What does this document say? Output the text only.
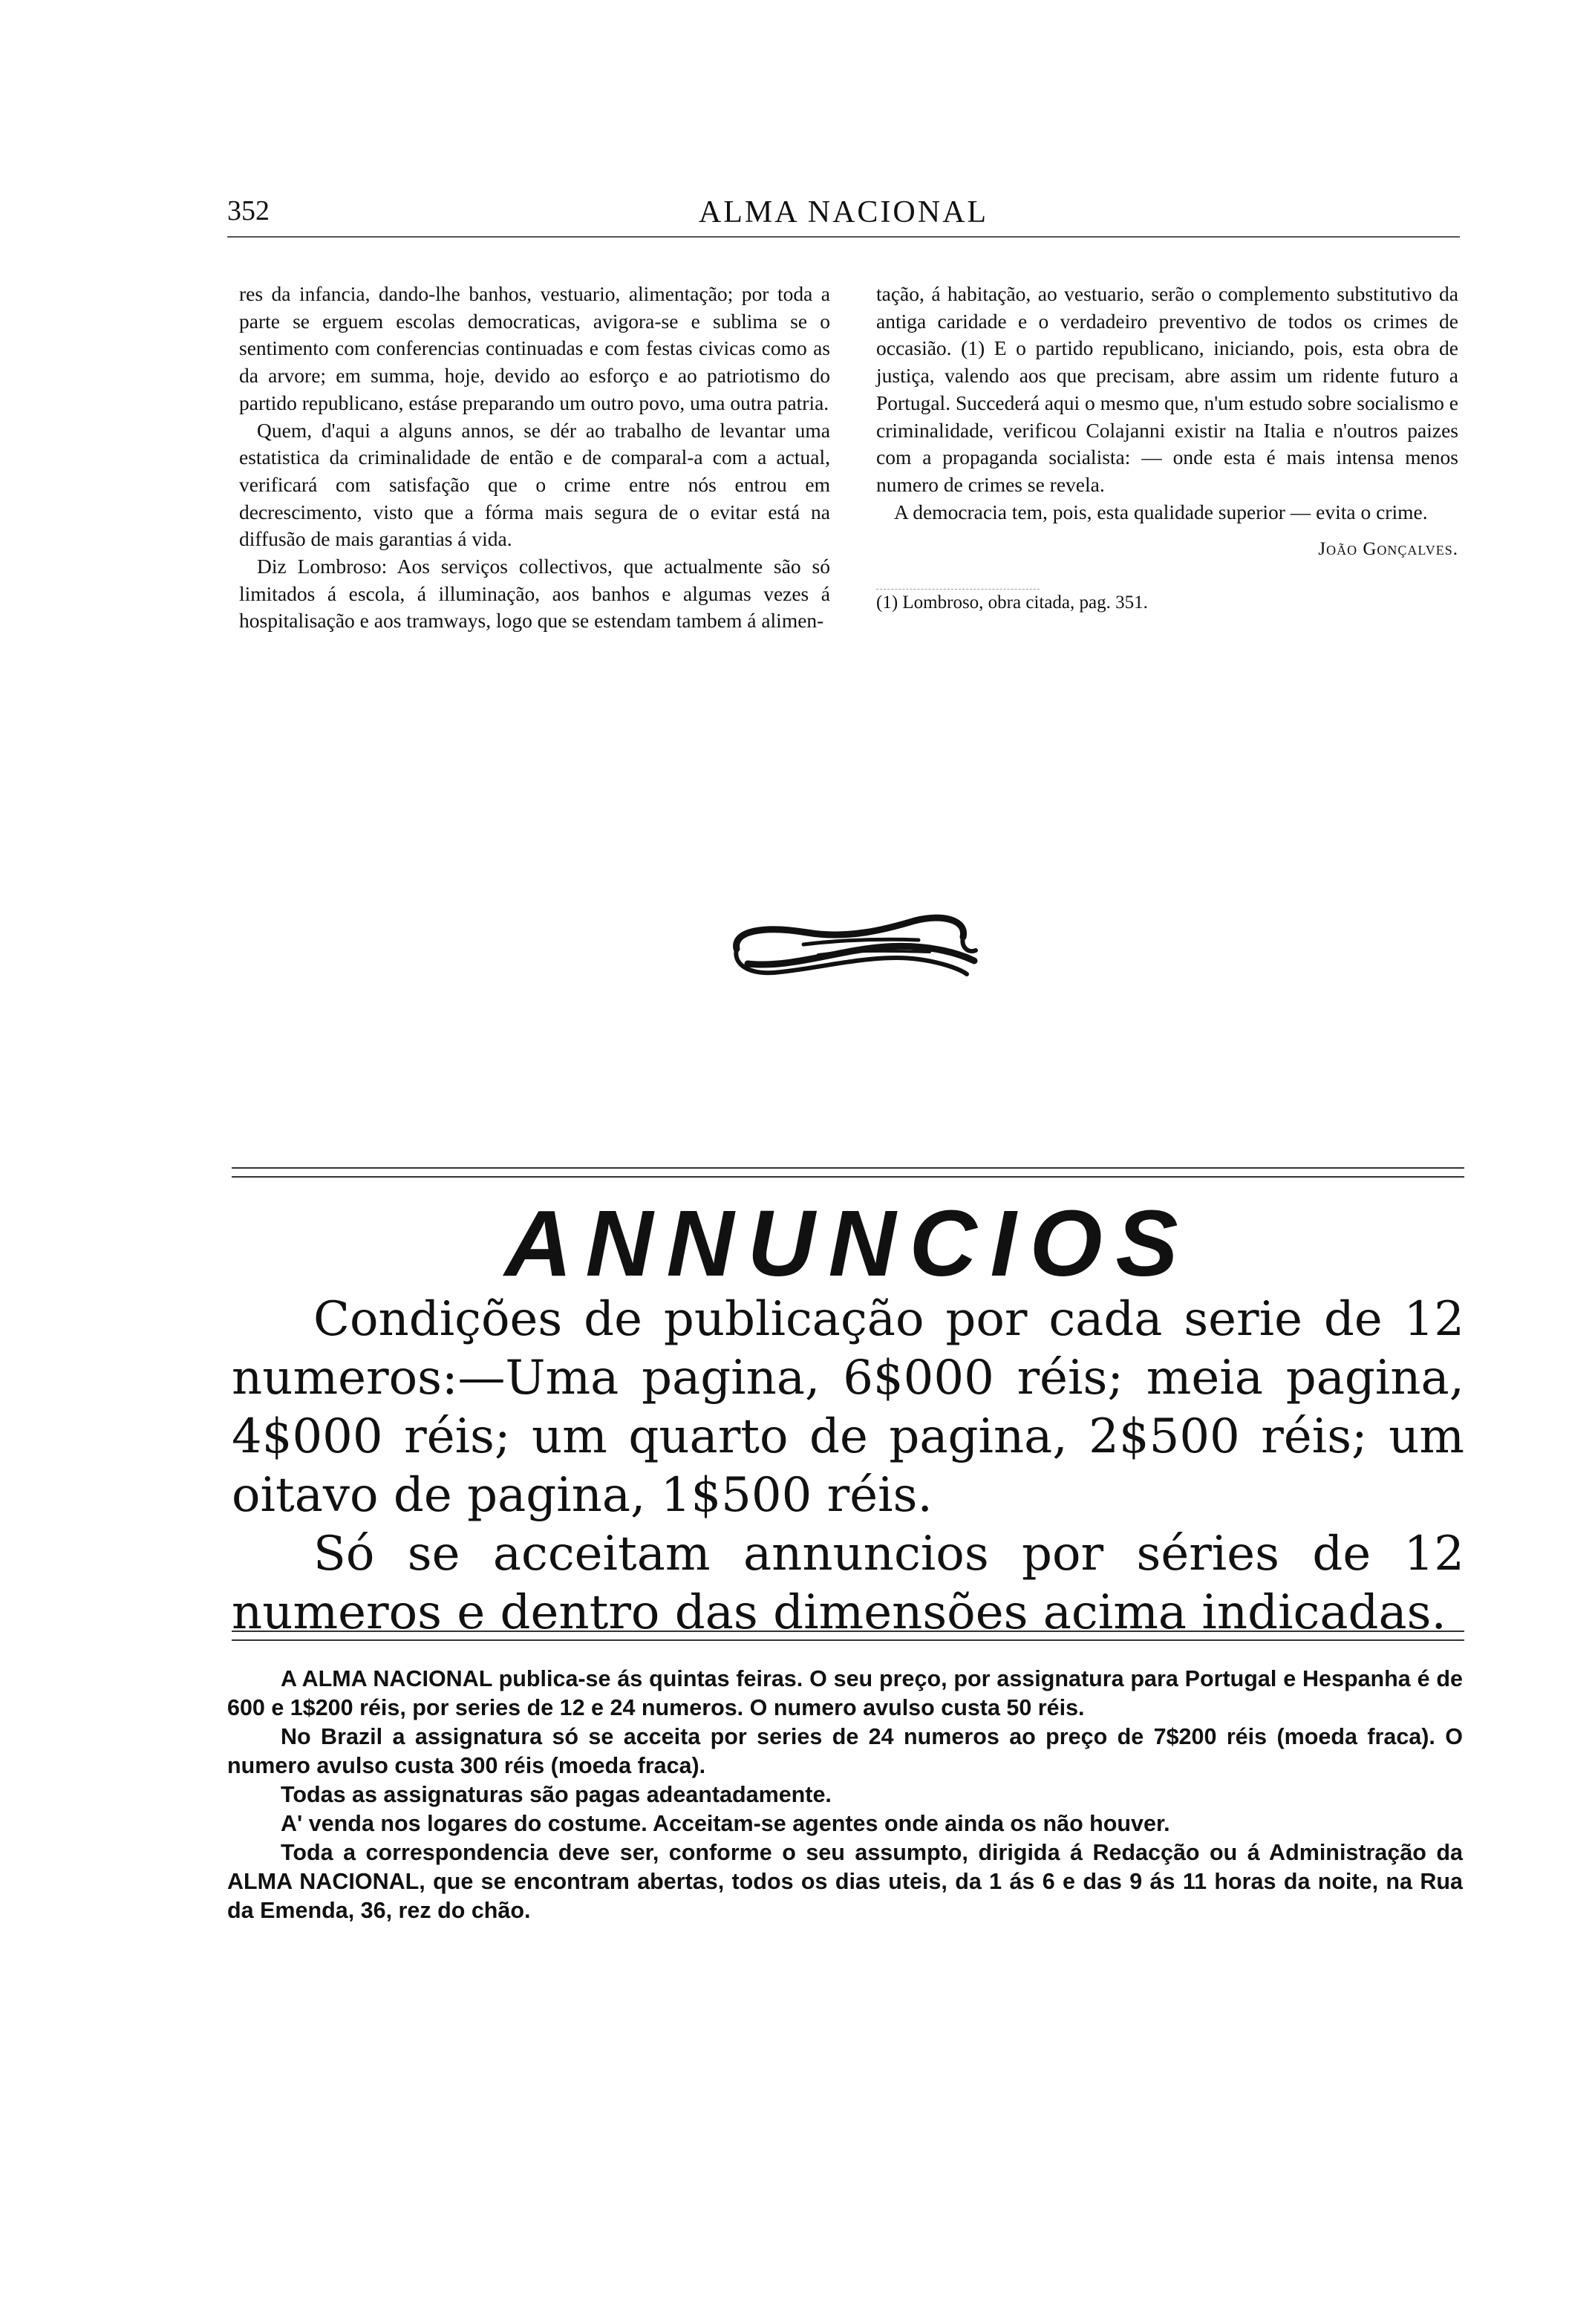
352	ALMA NACIONAL

res da infancia, dando-lhe banhos, vestuario, alimentação; por toda a parte se erguem escolas democraticas, avigora-se e sublima se o sentimento com conferencias continuadas e com festas civicas como as da arvore; em summa, hoje, devido ao esforço e ao patriotismo do partido republicano, estáse preparando um outro povo, uma outra patria.

Quem, d'aqui a alguns annos, se dér ao trabalho de levantar uma estatistica da criminalidade de então e de comparal-a com a actual, verificará com satisfação que o crime entre nós entrou em decrescimento, visto que a fórma mais segura de o evitar está na diffusão de mais garantias á vida.

Diz Lombroso: Aos serviços collectivos, que actualmente são só limitados á escola, á illuminação, aos banhos e algumas vezes á hospitalisação e aos tramways, logo que se estendam tambem á alimen-

tação, á habitação, ao vestuario, serão o complemento substitutivo da antiga caridade e o verdadeiro preventivo de todos os crimes de occasião. (1) E o partido republicano, iniciando, pois, esta obra de justiça, valendo aos que precisam, abre assim um ridente futuro a Portugal. Succederá aqui o mesmo que, n'um estudo sobre socialismo e criminalidade, verificou Colajanni existir na Italia e n'outros paizes com a propaganda socialista: — onde esta é mais intensa menos numero de crimes se revela.

A democracia tem, pois, esta qualidade superior — evita o crime.

João Gonçalves.

(1) Lombroso, obra citada, pag. 351.

ANNUNCIOS

Condições de publicação por cada serie de 12 numeros:—Uma pagina, 6$000 réis; meia pagina, 4$000 réis; um quarto de pagina, 2$500 réis; um oitavo de pagina, 1$500 réis.

Só se acceitam annuncios por séries de 12 numeros e dentro das dimensões acima indicadas.

A ALMA NACIONAL publica-se ás quintas feiras. O seu preço, por assignatura para Portugal e Hespanha é de 600 e 1$200 réis, por series de 12 e 24 numeros. O numero avulso custa 50 réis.

No Brazil a assignatura só se acceita por series de 24 numeros ao preço de 7$200 réis (moeda fraca). O numero avulso custa 300 réis (moeda fraca).

Todas as assignaturas são pagas adeantadamente.

A' venda nos logares do costume. Acceitam-se agentes onde ainda os não houver.

Toda a correspondencia deve ser, conforme o seu assumpto, dirigida á Redacção ou á Administração da ALMA NACIONAL, que se encontram abertas, todos os dias uteis, da 1 ás 6 e das 9 ás 11 horas da noite, na Rua da Emenda, 36, rez do chão.
